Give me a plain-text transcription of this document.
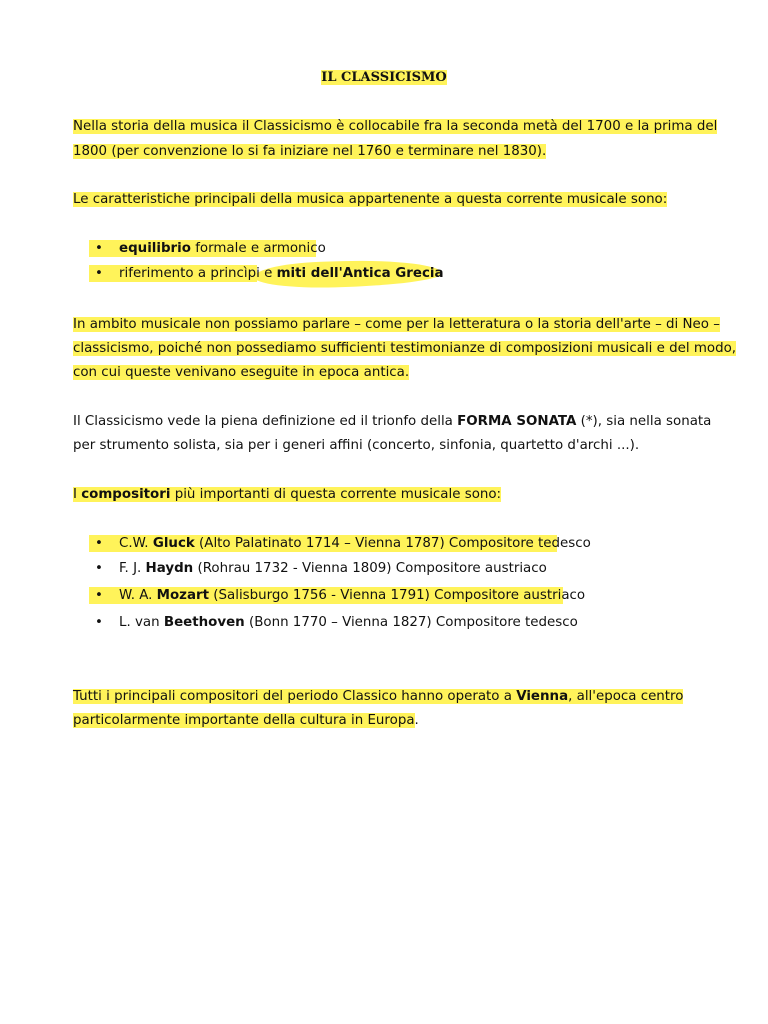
IL CLASSICISMO
Nella storia della musica il Classicismo è collocabile fra la seconda metà del 1700 e la prima del
1800 (per convenzione lo si fa iniziare nel 1760 e terminare nel 1830).
Le caratteristiche principali della musica appartenente a questa corrente musicale sono:
• equilibrio formale e armonico
• riferimento a princìpi e miti dell'Antica Grecia
In ambito musicale non possiamo parlare – come per la letteratura o la storia dell'arte – di Neo –
classicismo, poiché non possediamo sufficienti testimonianze di composizioni musicali e del modo,
con cui queste venivano eseguite in epoca antica.
Il Classicismo vede la piena definizione ed il trionfo della FORMA SONATA (*), sia nella sonata
per strumento solista, sia per i generi affini (concerto, sinfonia, quartetto d'archi ...).
I compositori più importanti di questa corrente musicale sono:
• C.W. Gluck (Alto Palatinato 1714 – Vienna 1787) Compositore tedesco
• F. J. Haydn (Rohrau 1732 - Vienna 1809) Compositore austriaco
• W. A. Mozart (Salisburgo 1756 - Vienna 1791) Compositore austriaco
• L. van Beethoven (Bonn 1770 – Vienna 1827) Compositore tedesco
Tutti i principali compositori del periodo Classico hanno operato a Vienna, all'epoca centro
particolarmente importante della cultura in Europa.
